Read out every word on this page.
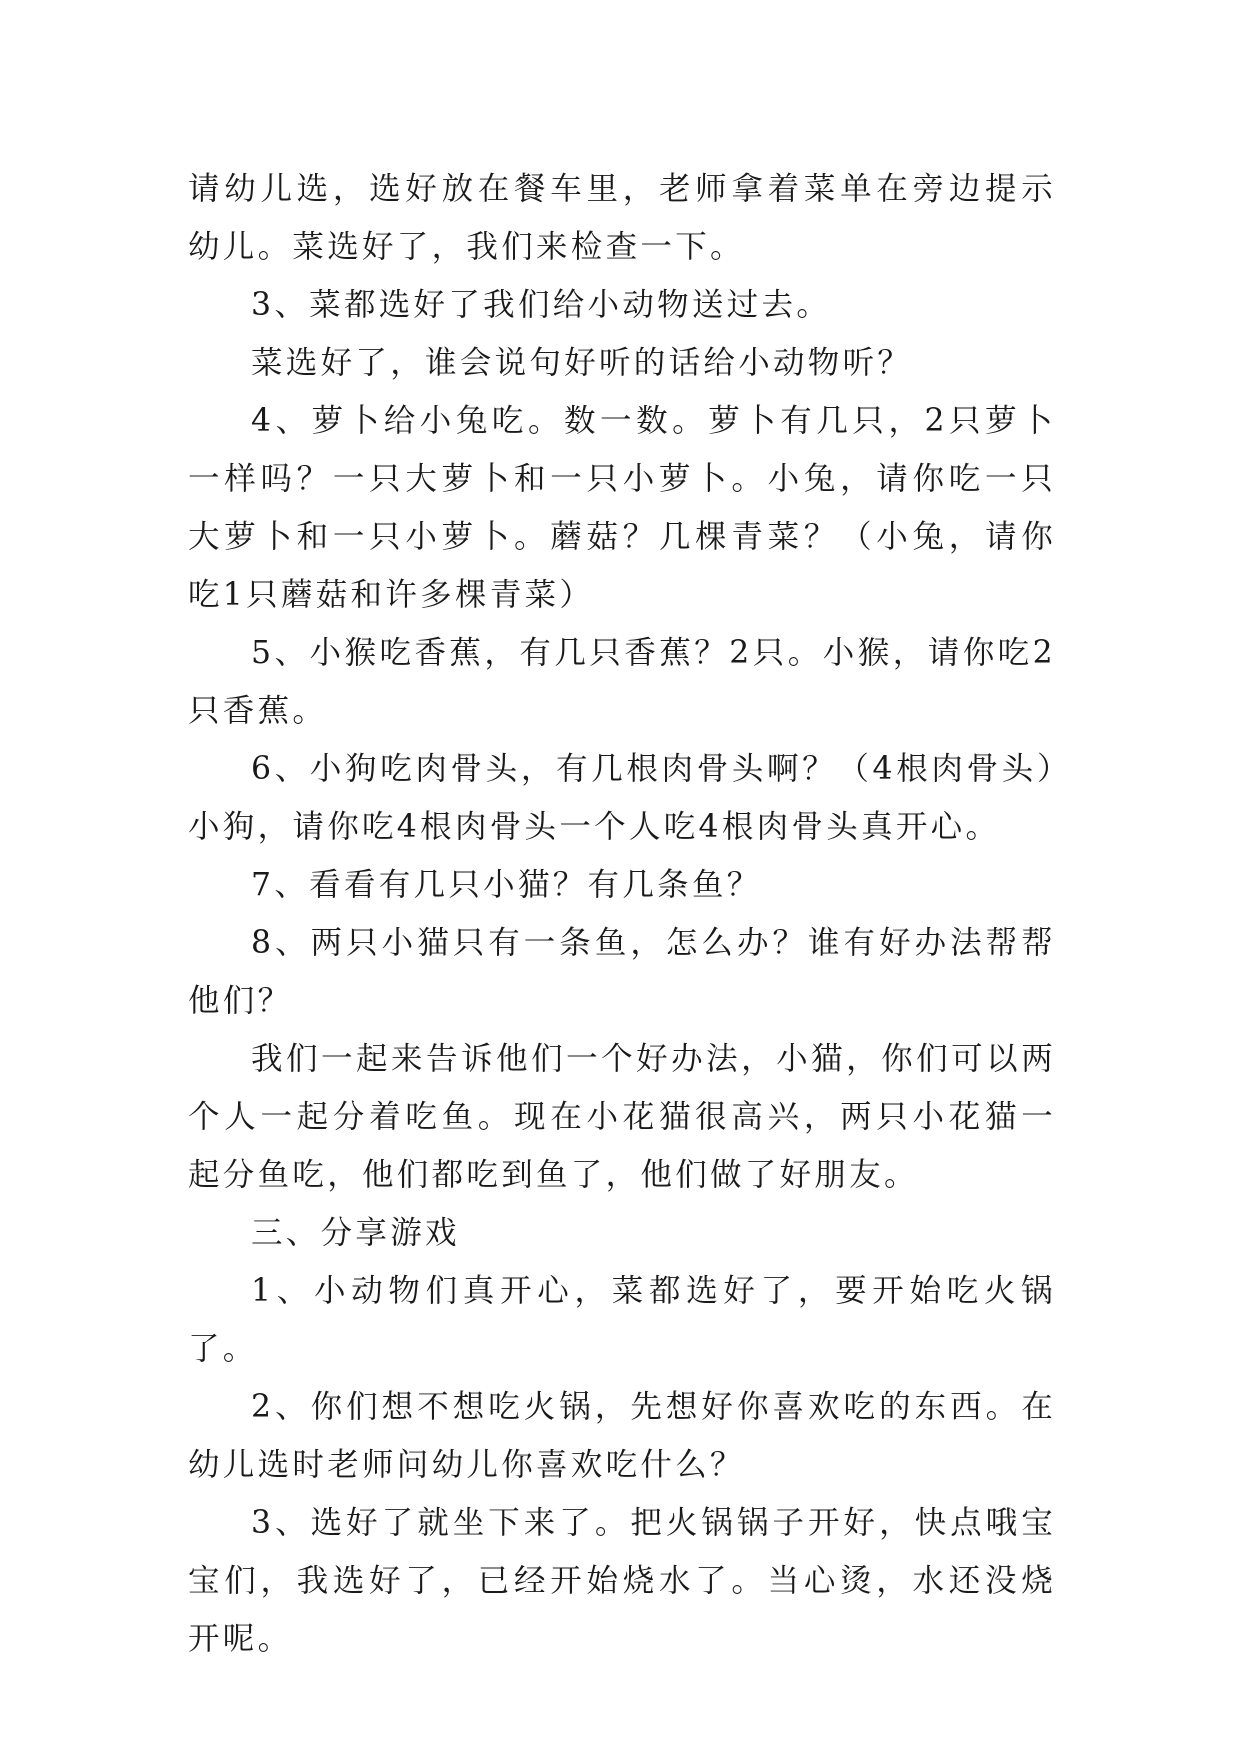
请幼儿选，选好放在餐车里，老师拿着菜单在旁边提示幼儿。菜选好了，我们来检查一下。

3、菜都选好了我们给小动物送过去。

菜选好了，谁会说句好听的话给小动物听？

4、萝卜给小兔吃。数一数。萝卜有几只，2只萝卜一样吗？一只大萝卜和一只小萝卜。小兔，请你吃一只大萝卜和一只小萝卜。蘑菇？几棵青菜？（小兔，请你吃1只蘑菇和许多棵青菜）

5、小猴吃香蕉，有几只香蕉？2只。小猴，请你吃2只香蕉。

6、小狗吃肉骨头，有几根肉骨头啊？（4根肉骨头）小狗，请你吃4根肉骨头一个人吃4根肉骨头真开心。

7、看看有几只小猫？有几条鱼？

8、两只小猫只有一条鱼，怎么办？谁有好办法帮帮他们？

我们一起来告诉他们一个好办法，小猫，你们可以两个人一起分着吃鱼。现在小花猫很高兴，两只小花猫一起分鱼吃，他们都吃到鱼了，他们做了好朋友。

三、分享游戏

1、小动物们真开心，菜都选好了，要开始吃火锅了。

2、你们想不想吃火锅，先想好你喜欢吃的东西。在幼儿选时老师问幼儿你喜欢吃什么？

3、选好了就坐下来了。把火锅锅子开好，快点哦宝宝们，我选好了，已经开始烧水了。当心烫，水还没烧开呢。
